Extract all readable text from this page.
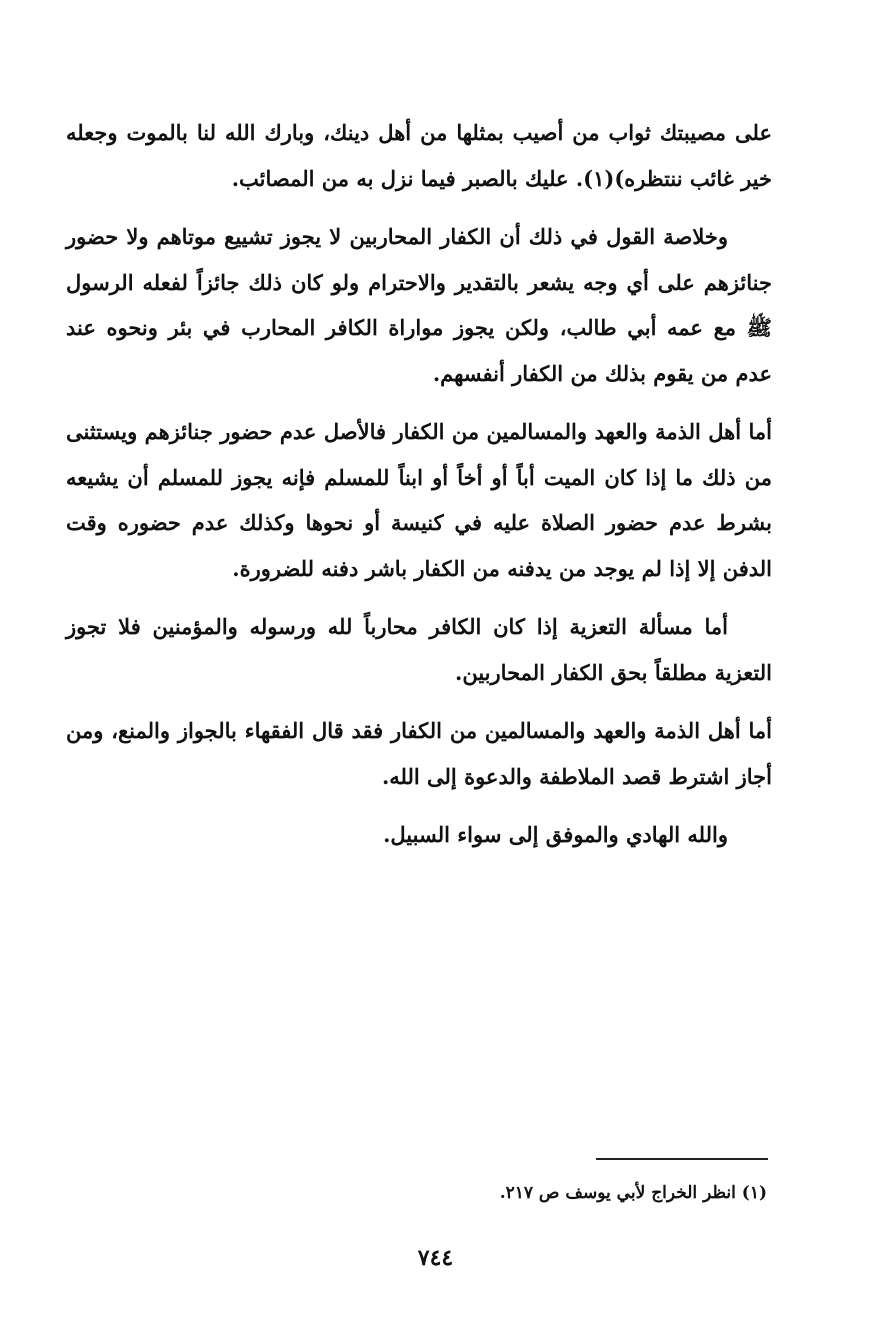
على مصيبتك ثواب من أصيب بمثلها من أهل دينك، وبارك الله لنا بالموت وجعله خير غائب ننتظره)(١). عليك بالصبر فيما نزل به من المصائب.

وخلاصة القول في ذلك أن الكفار المحاربين لا يجوز تشييع موتاهم ولا حضور جنائزهم على أي وجه يشعر بالتقدير والاحترام ولو كان ذلك جائزاً لفعله الرسول ﷺ مع عمه أبي طالب، ولكن يجوز مواراة الكافر المحارب في بئر ونحوه عند عدم من يقوم بذلك من الكفار أنفسهم.

أما أهل الذمة والعهد والمسالمين من الكفار فالأصل عدم حضور جنائزهم ويستثنى من ذلك ما إذا كان الميت أباً أو أخاً أو ابناً للمسلم فإنه يجوز للمسلم أن يشيعه بشرط عدم حضور الصلاة عليه في كنيسة أو نحوها وكذلك عدم حضوره وقت الدفن إلا إذا لم يوجد من يدفنه من الكفار باشر دفنه للضرورة.

أما مسألة التعزية إذا كان الكافر محارباً لله ورسوله والمؤمنين فلا تجوز التعزية مطلقاً بحق الكفار المحاربين.

أما أهل الذمة والعهد والمسالمين من الكفار فقد قال الفقهاء بالجواز والمنع، ومن أجاز اشترط قصد الملاطفة والدعوة إلى الله.

والله الهادي والموفق إلى سواء السبيل.

(١) انظر الخراج لأبي يوسف ص ٢١٧.
٧٤٤
